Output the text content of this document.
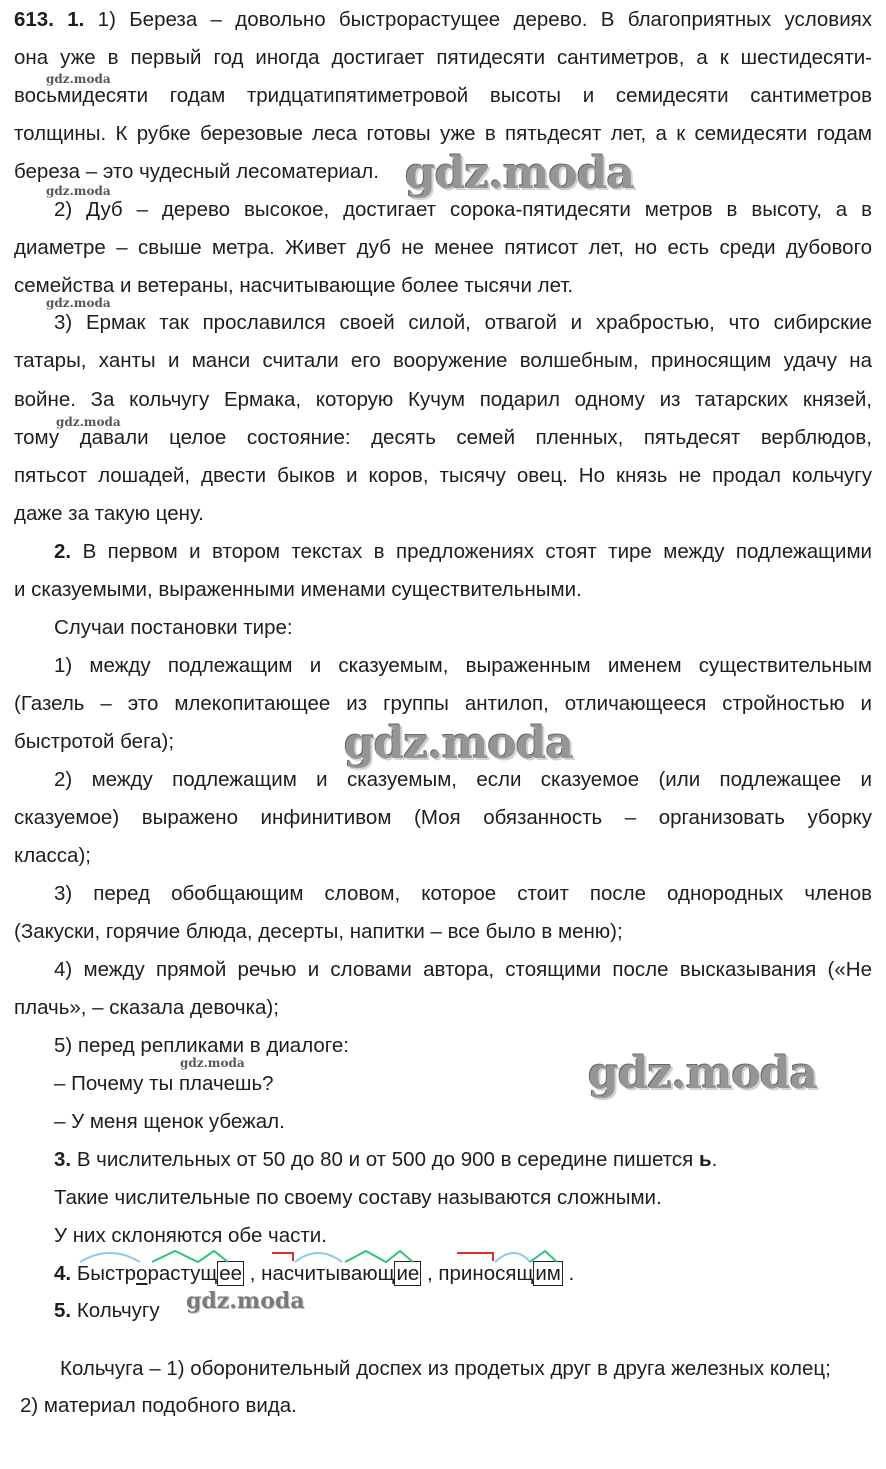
613. 1. 1) Береза – довольно быстрорастущее дерево. В благоприятных условиях
она уже в первый год иногда достигает пятидесяти сантиметров, а к шестидесяти-
восьмидесяти годам тридцатипятиметровой высоты и семидесяти сантиметров
толщины. К рубке березовые леса готовы уже в пятьдесят лет, а к семидесяти годам
береза – это чудесный лесоматериал.
2) Дуб – дерево высокое, достигает сорока-пятидесяти метров в высоту, а в
диаметре – свыше метра. Живет дуб не менее пятисот лет, но есть среди дубового
семейства и ветераны, насчитывающие более тысячи лет.
3) Ермак так прославился своей силой, отвагой и храбростью, что сибирские
татары, ханты и манси считали его вооружение волшебным, приносящим удачу на
войне. За кольчугу Ермака, которую Кучум подарил одному из татарских князей,
тому давали целое состояние: десять семей пленных, пятьдесят верблюдов,
пятьсот лошадей, двести быков и коров, тысячу овец. Но князь не продал кольчугу
даже за такую цену.
2. В первом и втором текстах в предложениях стоят тире между подлежащими
и сказуемыми, выраженными именами существительными.
Случаи постановки тире:
1) между подлежащим и сказуемым, выраженным именем существительным
(Газель – это млекопитающее из группы антилоп, отличающееся стройностью и
быстротой бега);
2) между подлежащим и сказуемым, если сказуемое (или подлежащее и
сказуемое) выражено инфинитивом (Моя обязанность – организовать уборку
класса);
3) перед обобщающим словом, которое стоит после однородных членов
(Закуски, горячие блюда, десерты, напитки – все было в меню);
4) между прямой речью и словами автора, стоящими после высказывания («Не
плачь», – сказала девочка);
5) перед репликами в диалоге:
– Почему ты плачешь?
– У меня щенок убежал.
3. В числительных от 50 до 80 и от 500 до 900 в середине пишется ь.
Такие числительные по своему составу называются сложными.
У них склоняются обе части.
4. Быстрорастущее , насчитывающие , приносящим .
5. Кольчугу
Кольчуга – 1) оборонительный доспех из продетых друг в друга железных колец;
2) материал подобного вида.
gdz.moda
gdz.moda
gdz.moda
gdz.moda
gdz.moda
gdz.moda
gdz.moda
gdz.moda
gdz.moda
